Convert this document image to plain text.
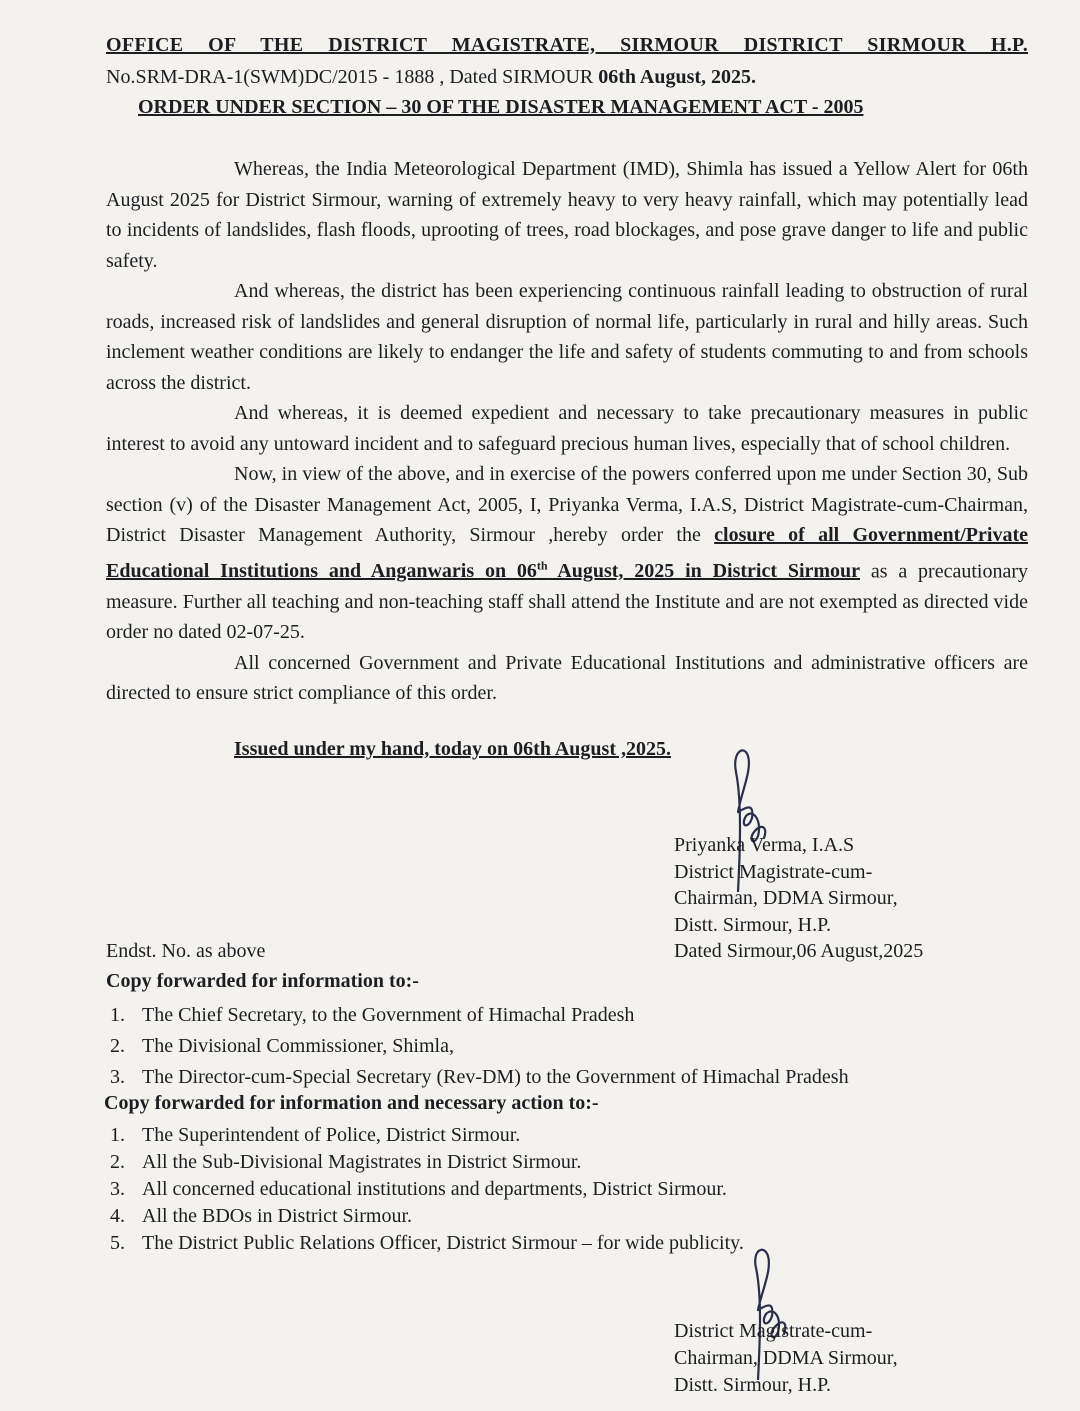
OFFICE OF THE DISTRICT MAGISTRATE, SIRMOUR DISTRICT SIRMOUR H.P.
No.SRM-DRA-1(SWM)DC/2015 - 1888 , Dated SIRMOUR 06th August, 2025.
ORDER UNDER SECTION – 30 OF THE DISASTER MANAGEMENT ACT - 2005

Whereas, the India Meteorological Department (IMD), Shimla has issued a Yellow Alert for 06th August 2025 for District Sirmour, warning of extremely heavy to very heavy rainfall, which may potentially lead to incidents of landslides, flash floods, uprooting of trees, road blockages, and pose grave danger to life and public safety.

And whereas, the district has been experiencing continuous rainfall leading to obstruction of rural roads, increased risk of landslides and general disruption of normal life, particularly in rural and hilly areas. Such inclement weather conditions are likely to endanger the life and safety of students commuting to and from schools across the district.

And whereas, it is deemed expedient and necessary to take precautionary measures in public interest to avoid any untoward incident and to safeguard precious human lives, especially that of school children.

Now, in view of the above, and in exercise of the powers conferred upon me under Section 30, Sub section (v) of the Disaster Management Act, 2005, I, Priyanka Verma, I.A.S, District Magistrate-cum-Chairman, District Disaster Management Authority, Sirmour ,hereby order the closure of all Government/Private Educational Institutions and Anganwaris on 06th August, 2025 in District Sirmour as a precautionary measure. Further all teaching and non-teaching staff shall attend the Institute and are not exempted as directed vide order no dated 02-07-25.

All concerned Government and Private Educational Institutions and administrative officers are directed to ensure strict compliance of this order.

Issued under my hand, today on 06th August ,2025.
Priyanka Verma, I.A.S
District Magistrate-cum-
Chairman, DDMA Sirmour,
Distt. Sirmour, H.P.
Dated Sirmour,06 August,2025
Endst. No. as above
Copy forwarded for information to:-
1. The Chief Secretary, to the Government of Himachal Pradesh
2. The Divisional Commissioner, Shimla,
3. The Director-cum-Special Secretary (Rev-DM) to the Government of Himachal Pradesh
Copy forwarded for information and necessary action to:-
1. The Superintendent of Police, District Sirmour.
2. All the Sub-Divisional Magistrates in District Sirmour.
3. All concerned educational institutions and departments, District Sirmour.
4. All the BDOs in District Sirmour.
5. The District Public Relations Officer, District Sirmour – for wide publicity.
District Magistrate-cum-
Chairman, DDMA Sirmour,
Distt. Sirmour, H.P.
